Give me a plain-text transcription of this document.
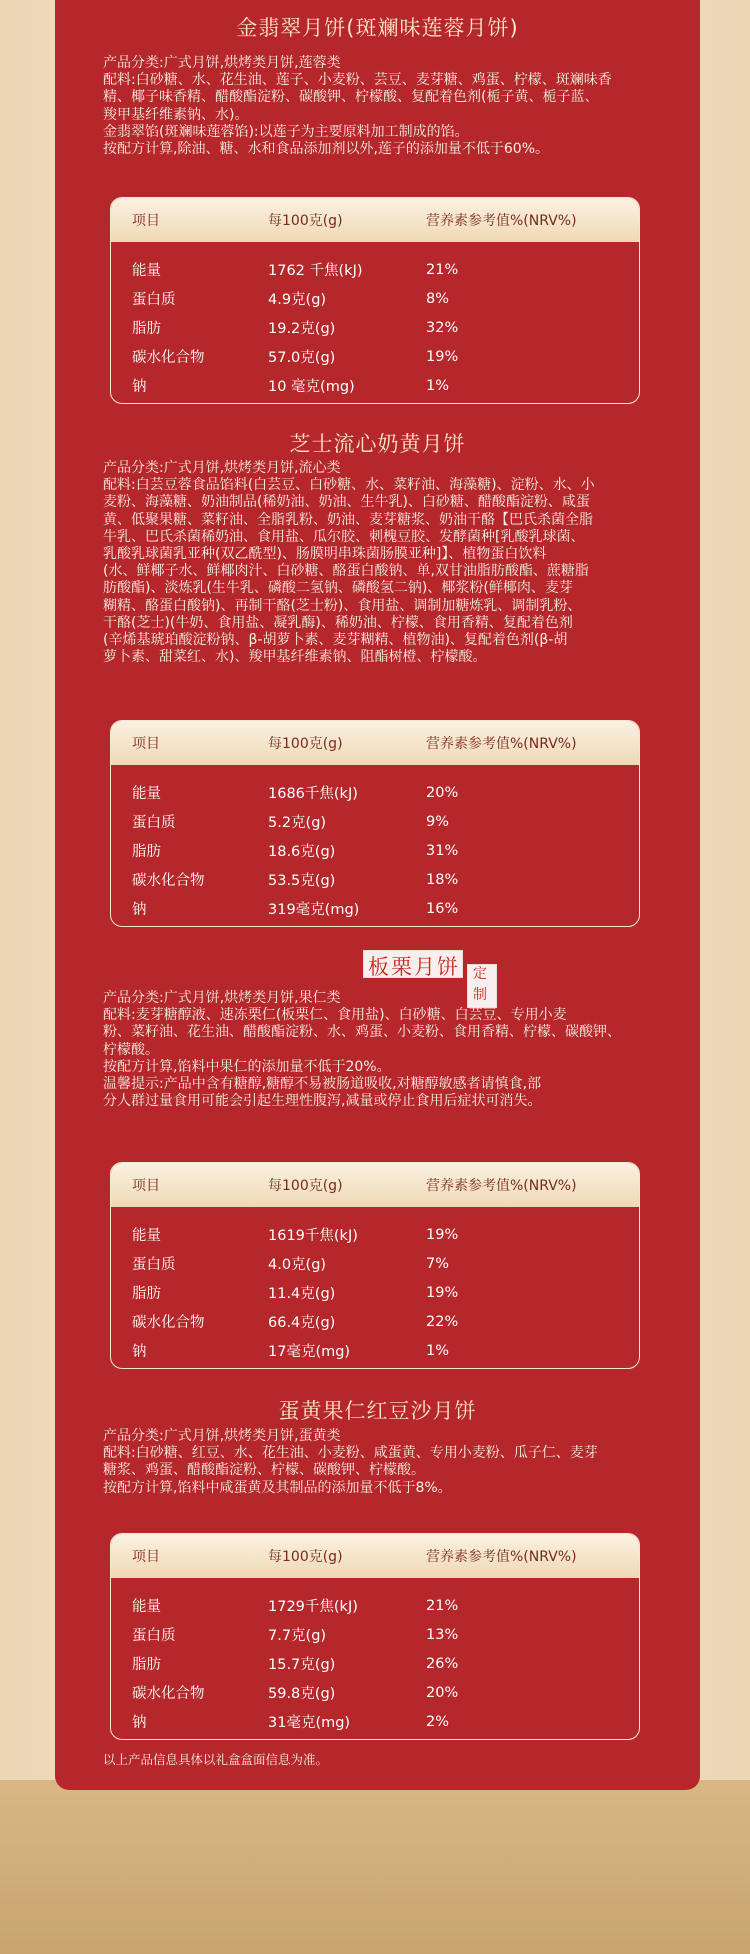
金翡翠月饼(斑斓味莲蓉月饼)
产品分类:广式月饼,烘烤类月饼,莲蓉类
配料:白砂糖、水、花生油、莲子、小麦粉、芸豆、麦芽糖、鸡蛋、柠檬、斑斓味香
精、椰子味香精、醋酸酯淀粉、碳酸钾、柠檬酸、复配着色剂(栀子黄、栀子蓝、
羧甲基纤维素钠、水)。
金翡翠馅(斑斓味莲蓉馅):以莲子为主要原料加工制成的馅。
按配方计算,除油、糖、水和食品添加剂以外,莲子的添加量不低于60%。
项目	每100克(g)	营养素参考值%(NRV%)
能量	1762 千焦(kJ)	21%
蛋白质	4.9克(g)	8%
脂肪	19.2克(g)	32%
碳水化合物	57.0克(g)	19%
钠	10 毫克(mg)	1%
芝士流心奶黄月饼
产品分类:广式月饼,烘烤类月饼,流心类
配料:白芸豆蓉食品馅料(白芸豆、白砂糖、水、菜籽油、海藻糖)、淀粉、水、小
麦粉、海藻糖、奶油制品(稀奶油、奶油、生牛乳)、白砂糖、醋酸酯淀粉、咸蛋
黄、低聚果糖、菜籽油、全脂乳粉、奶油、麦芽糖浆、奶油干酪【巴氏杀菌全脂
牛乳、巴氏杀菌稀奶油、食用盐、瓜尔胶、刺槐豆胶、发酵菌种[乳酸乳球菌、
乳酸乳球菌乳亚种(双乙酰型)、肠膜明串珠菌肠膜亚种]】、植物蛋白饮料
(水、鲜椰子水、鲜椰肉汁、白砂糖、酪蛋白酸钠、单,双甘油脂肪酸酯、蔗糖脂
肪酸酯)、淡炼乳(生牛乳、磷酸二氢钠、磷酸氢二钠)、椰浆粉(鲜椰肉、麦芽
糊精、酪蛋白酸钠)、再制干酪(芝士粉)、食用盐、调制加糖炼乳、调制乳粉、
干酪(芝士)(牛奶、食用盐、凝乳酶)、稀奶油、柠檬、食用香精、复配着色剂
(辛烯基琥珀酸淀粉钠、β-胡萝卜素、麦芽糊精、植物油)、复配着色剂(β-胡
萝卜素、甜菜红、水)、羧甲基纤维素钠、阻酯树橙、柠檬酸。
项目	每100克(g)	营养素参考值%(NRV%)
能量	1686千焦(kJ)	20%
蛋白质	5.2克(g)	9%
脂肪	18.6克(g)	31%
碳水化合物	53.5克(g)	18%
钠	319毫克(mg)	16%
板栗月饼 定
制
产品分类:广式月饼,烘烤类月饼,果仁类
配料:麦芽糖醇液、速冻栗仁(板栗仁、食用盐)、白砂糖、白芸豆、专用小麦
粉、菜籽油、花生油、醋酸酯淀粉、水、鸡蛋、小麦粉、食用香精、柠檬、碳酸钾、
柠檬酸。
按配方计算,馅料中果仁的添加量不低于20%。
温馨提示:产品中含有糖醇,糖醇不易被肠道吸收,对糖醇敏感者请慎食,部
分人群过量食用可能会引起生理性腹泻,减量或停止食用后症状可消失。
项目	每100克(g)	营养素参考值%(NRV%)
能量	1619千焦(kJ)	19%
蛋白质	4.0克(g)	7%
脂肪	11.4克(g)	19%
碳水化合物	66.4克(g)	22%
钠	17毫克(mg)	1%
蛋黄果仁红豆沙月饼
产品分类:广式月饼,烘烤类月饼,蛋黄类
配料:白砂糖、红豆、水、花生油、小麦粉、咸蛋黄、专用小麦粉、瓜子仁、麦芽
糖浆、鸡蛋、醋酸酯淀粉、柠檬、碳酸钾、柠檬酸。
按配方计算,馅料中咸蛋黄及其制品的添加量不低于8%。
项目	每100克(g)	营养素参考值%(NRV%)
能量	1729千焦(kJ)	21%
蛋白质	7.7克(g)	13%
脂肪	15.7克(g)	26%
碳水化合物	59.8克(g)	20%
钠	31毫克(mg)	2%
以上产品信息具体以礼盒盒面信息为准。
